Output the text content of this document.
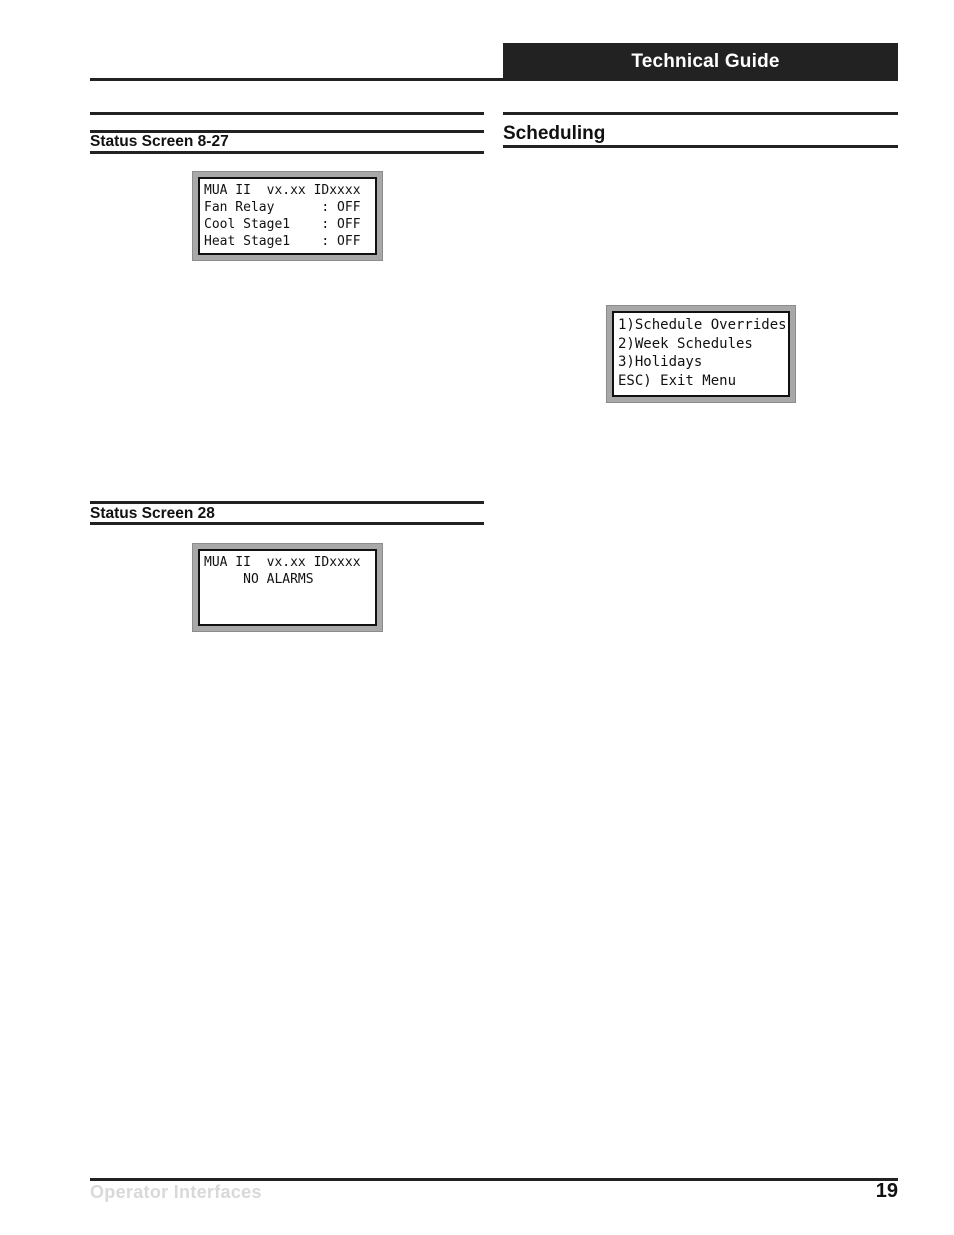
Technical Guide
Status Screen 8-27
MUA II  vx.xx IDxxxx
Fan Relay      : OFF
Cool Stage1    : OFF
Heat Stage1    : OFF
Status Screen 28
MUA II  vx.xx IDxxxx
NO ALARMS
Scheduling
1)Schedule Overrides
2)Week Schedules
3)Holidays
ESC) Exit Menu
Operator Interfaces	19
